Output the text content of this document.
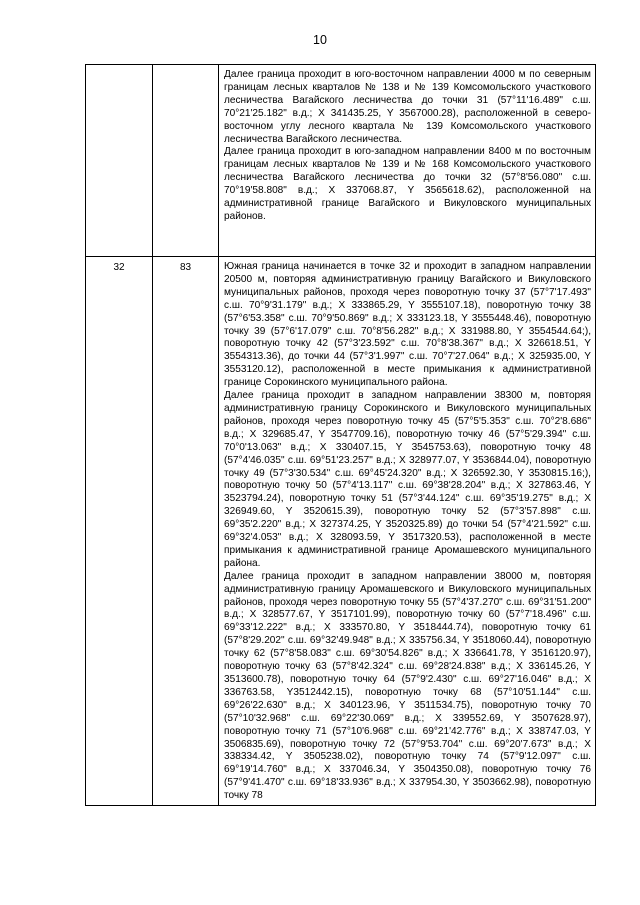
10

		Далее граница проходит в юго-восточном направлении 4000 м по северным границам лесных кварталов № 138 и № 139 Комсомольского участкового лесничества Вагайского лесничества до точки 31 (57°11'16.489" с.ш. 70°21'25.182" в.д.; X 341435.25, Y 3567000.28), расположенной в северо-восточном углу лесного квартала № 139 Комсомольского участкового лесничества Вагайского лесничества.

Далее граница проходит в юго-западном направлении 8400 м по восточным границам лесных кварталов № 139 и № 168 Комсомольского участкового лесничества Вагайского лесничества до точки 32 (57°8'56.080" с.ш. 70°19'58.808" в.д.; X 337068.87, Y 3565618.62), расположенной на административной границе Вагайского и Викуловского муниципальных районов.

32	83	Южная граница начинается в точке 32 и проходит в западном направлении 20500 м, повторяя административную границу Вагайского и Викуловского муниципальных районов, проходя через поворотную точку 37 (57°7'17.493" с.ш. 70°9'31.179" в.д.; X 333865.29, Y 3555107.18), поворотную точку 38 (57°6'53.358" с.ш. 70°9'50.869" в.д.; X 333123.18, Y 3555448.46), поворотную точку 39 (57°6'17.079" с.ш. 70°8'56.282" в.д.; X 331988.80, Y 3554544.64;), поворотную точку 42 (57°3'23.592" с.ш. 70°8'38.367" в.д.; X 326618.51, Y 3554313.36), до точки 44 (57°3'1.997" с.ш. 70°7'27.064" в.д.; X 325935.00, Y 3553120.12), расположенной в месте примыкания к административной границе Сорокинского муниципального района.

Далее граница проходит в западном направлении 38300 м, повторяя административную границу Сорокинского и Викуловского муниципальных районов, проходя через поворотную точку 45 (57°5'5.353" с.ш. 70°2'8.686" в.д.; X 329685.47, Y 3547709.16), поворотную точку 46 (57°5'29.394" с.ш. 70°0'13.063" в.д.; X 330407.15, Y 3545753.63), поворотную точку 48 (57°4'46.035" с.ш. 69°51'23.257" в.д.; X 328977.07, Y 3536844.04), поворотную точку 49 (57°3'30.534" с.ш. 69°45'24.320" в.д.; X 326592.30, Y 3530815.16;), поворотную точку 50 (57°4'13.117" с.ш. 69°38'28.204" в.д.; X 327863.46, Y 3523794.24), поворотную точку 51 (57°3'44.124" с.ш. 69°35'19.275" в.д.; X 326949.60, Y 3520615.39), поворотную точку 52 (57°3'57.898" с.ш. 69°35'2.220" в.д.; X 327374.25, Y 3520325.89) до точки 54 (57°4'21.592" с.ш. 69°32'4.053" в.д.; X 328093.59, Y 3517320.53), расположенной в месте примыкания к административной границе Аромашевского муниципального района.

Далее граница проходит в западном направлении 38000 м, повторяя административную границу Аромашевского и Викуловского муниципальных районов, проходя через поворотную точку 55 (57°4'37.270" с.ш. 69°31'51.200" в.д.; X 328577.67, Y 3517101.99), поворотную точку 60 (57°7'18.496" с.ш. 69°33'12.222" в.д.; X 333570.80, Y 3518444.74), поворотную точку 61 (57°8'29.202" с.ш. 69°32'49.948" в.д.; X 335756.34, Y 3518060.44), поворотную точку 62 (57°8'58.083" с.ш. 69°30'54.826" в.д.; X 336641.78, Y 3516120.97), поворотную точку 63 (57°8'42.324" с.ш. 69°28'24.838" в.д.; X 336145.26, Y 3513600.78), поворотную точку 64 (57°9'2.430" с.ш. 69°27'16.046" в.д.; X 336763.58, Y3512442.15), поворотную точку 68 (57°10'51.144" с.ш. 69°26'22.630" в.д.; X 340123.96, Y 3511534.75), поворотную точку 70 (57°10'32.968" с.ш. 69°22'30.069" в.д.; X 339552.69, Y 3507628.97), поворотную точку 71 (57°10'6.968" с.ш. 69°21'42.776" в.д.; X 338747.03, Y 3506835.69), поворотную точку 72 (57°9'53.704" с.ш. 69°20'7.673" в.д.; X 338334.42, Y 3505238.02), поворотную точку 74 (57°9'12.097" с.ш. 69°19'14.760" в.д.; X 337046.34, Y 3504350.08), поворотную точку 76 (57°9'41.470" с.ш. 69°18'33.936" в.д.; X 337954.30, Y 3503662.98), поворотную точку 78
